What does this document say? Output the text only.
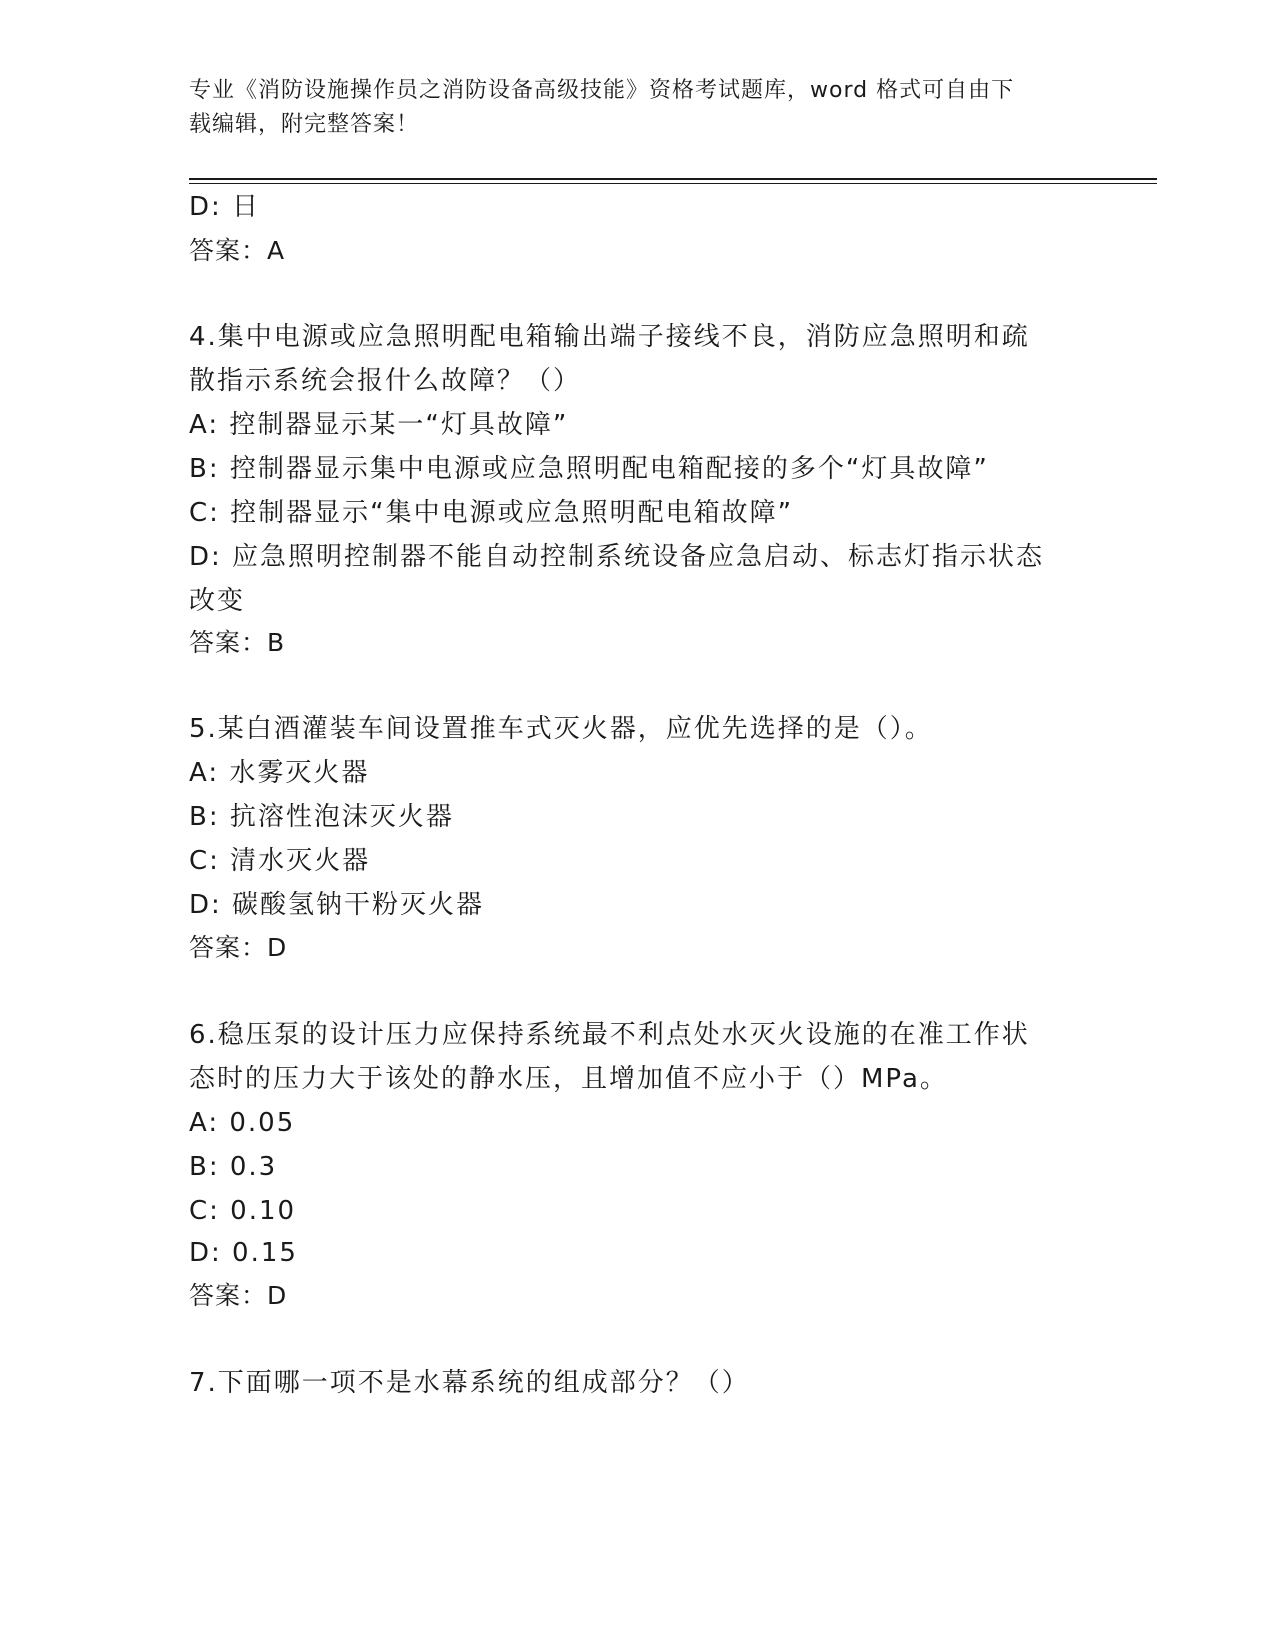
专业《消防设施操作员之消防设备高级技能》资格考试题库，word 格式可自由下
载编辑，附完整答案！
D: 日
答案：A
4.集中电源或应急照明配电箱输出端子接线不良，消防应急照明和疏
散指示系统会报什么故障？（）
A: 控制器显示某一“灯具故障”
B: 控制器显示集中电源或应急照明配电箱配接的多个“灯具故障”
C: 控制器显示“集中电源或应急照明配电箱故障”
D: 应急照明控制器不能自动控制系统设备应急启动、标志灯指示状态
改变
答案：B
5.某白酒灌装车间设置推车式灭火器，应优先选择的是（）。
A: 水雾灭火器
B: 抗溶性泡沫灭火器
C: 清水灭火器
D: 碳酸氢钠干粉灭火器
答案：D
6.稳压泵的设计压力应保持系统最不利点处水灭火设施的在准工作状
态时的压力大于该处的静水压，且增加值不应小于（）MPa。
A: 0.05
B: 0.3
C: 0.10
D: 0.15
答案：D
7.下面哪一项不是水幕系统的组成部分？（）
